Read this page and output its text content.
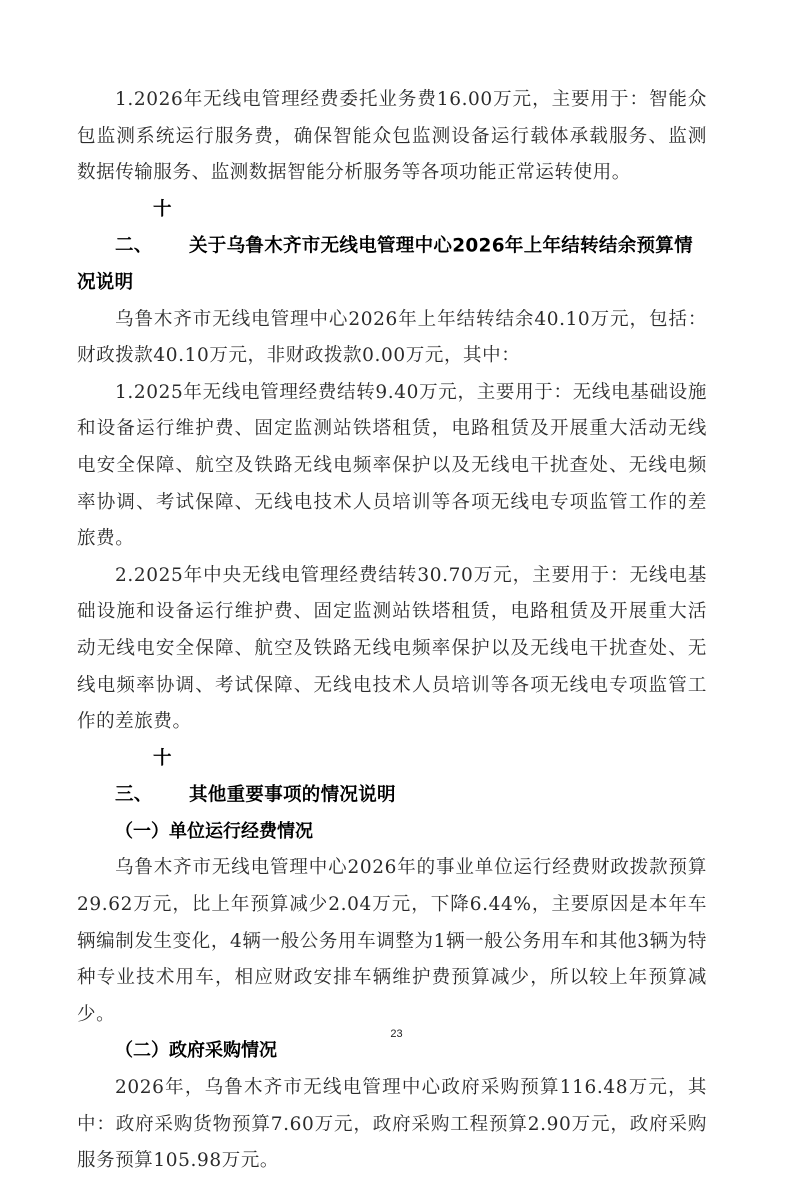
1.2026年无线电管理经费委托业务费16.00万元，主要用于：智能众包监测系统运行服务费，确保智能众包监测设备运行载体承载服务、监测数据传输服务、监测数据智能分析服务等各项功能正常运转使用。

十二、 关于乌鲁木齐市无线电管理中心2026年上年结转结余预算情况说明

乌鲁木齐市无线电管理中心2026年上年结转结余40.10万元，包括：财政拨款40.10万元，非财政拨款0.00万元，其中：

1.2025年无线电管理经费结转9.40万元，主要用于：无线电基础设施和设备运行维护费、固定监测站铁塔租赁，电路租赁及开展重大活动无线电安全保障、航空及铁路无线电频率保护以及无线电干扰查处、无线电频率协调、考试保障、无线电技术人员培训等各项无线电专项监管工作的差旅费。

2.2025年中央无线电管理经费结转30.70万元，主要用于：无线电基础设施和设备运行维护费、固定监测站铁塔租赁，电路租赁及开展重大活动无线电安全保障、航空及铁路无线电频率保护以及无线电干扰查处、无线电频率协调、考试保障、无线电技术人员培训等各项无线电专项监管工作的差旅费。

十三、 其他重要事项的情况说明

（一）单位运行经费情况

乌鲁木齐市无线电管理中心2026年的事业单位运行经费财政拨款预算29.62万元，比上年预算减少2.04万元，下降6.44%，主要原因是本年车辆编制发生变化，4辆一般公务用车调整为1辆一般公务用车和其他3辆为特种专业技术用车，相应财政安排车辆维护费预算减少，所以较上年预算减少。

（二）政府采购情况

2026年，乌鲁木齐市无线电管理中心政府采购预算116.48万元，其中：政府采购货物预算7.60万元，政府采购工程预算2.90万元，政府采购服务预算105.98万元。

23
